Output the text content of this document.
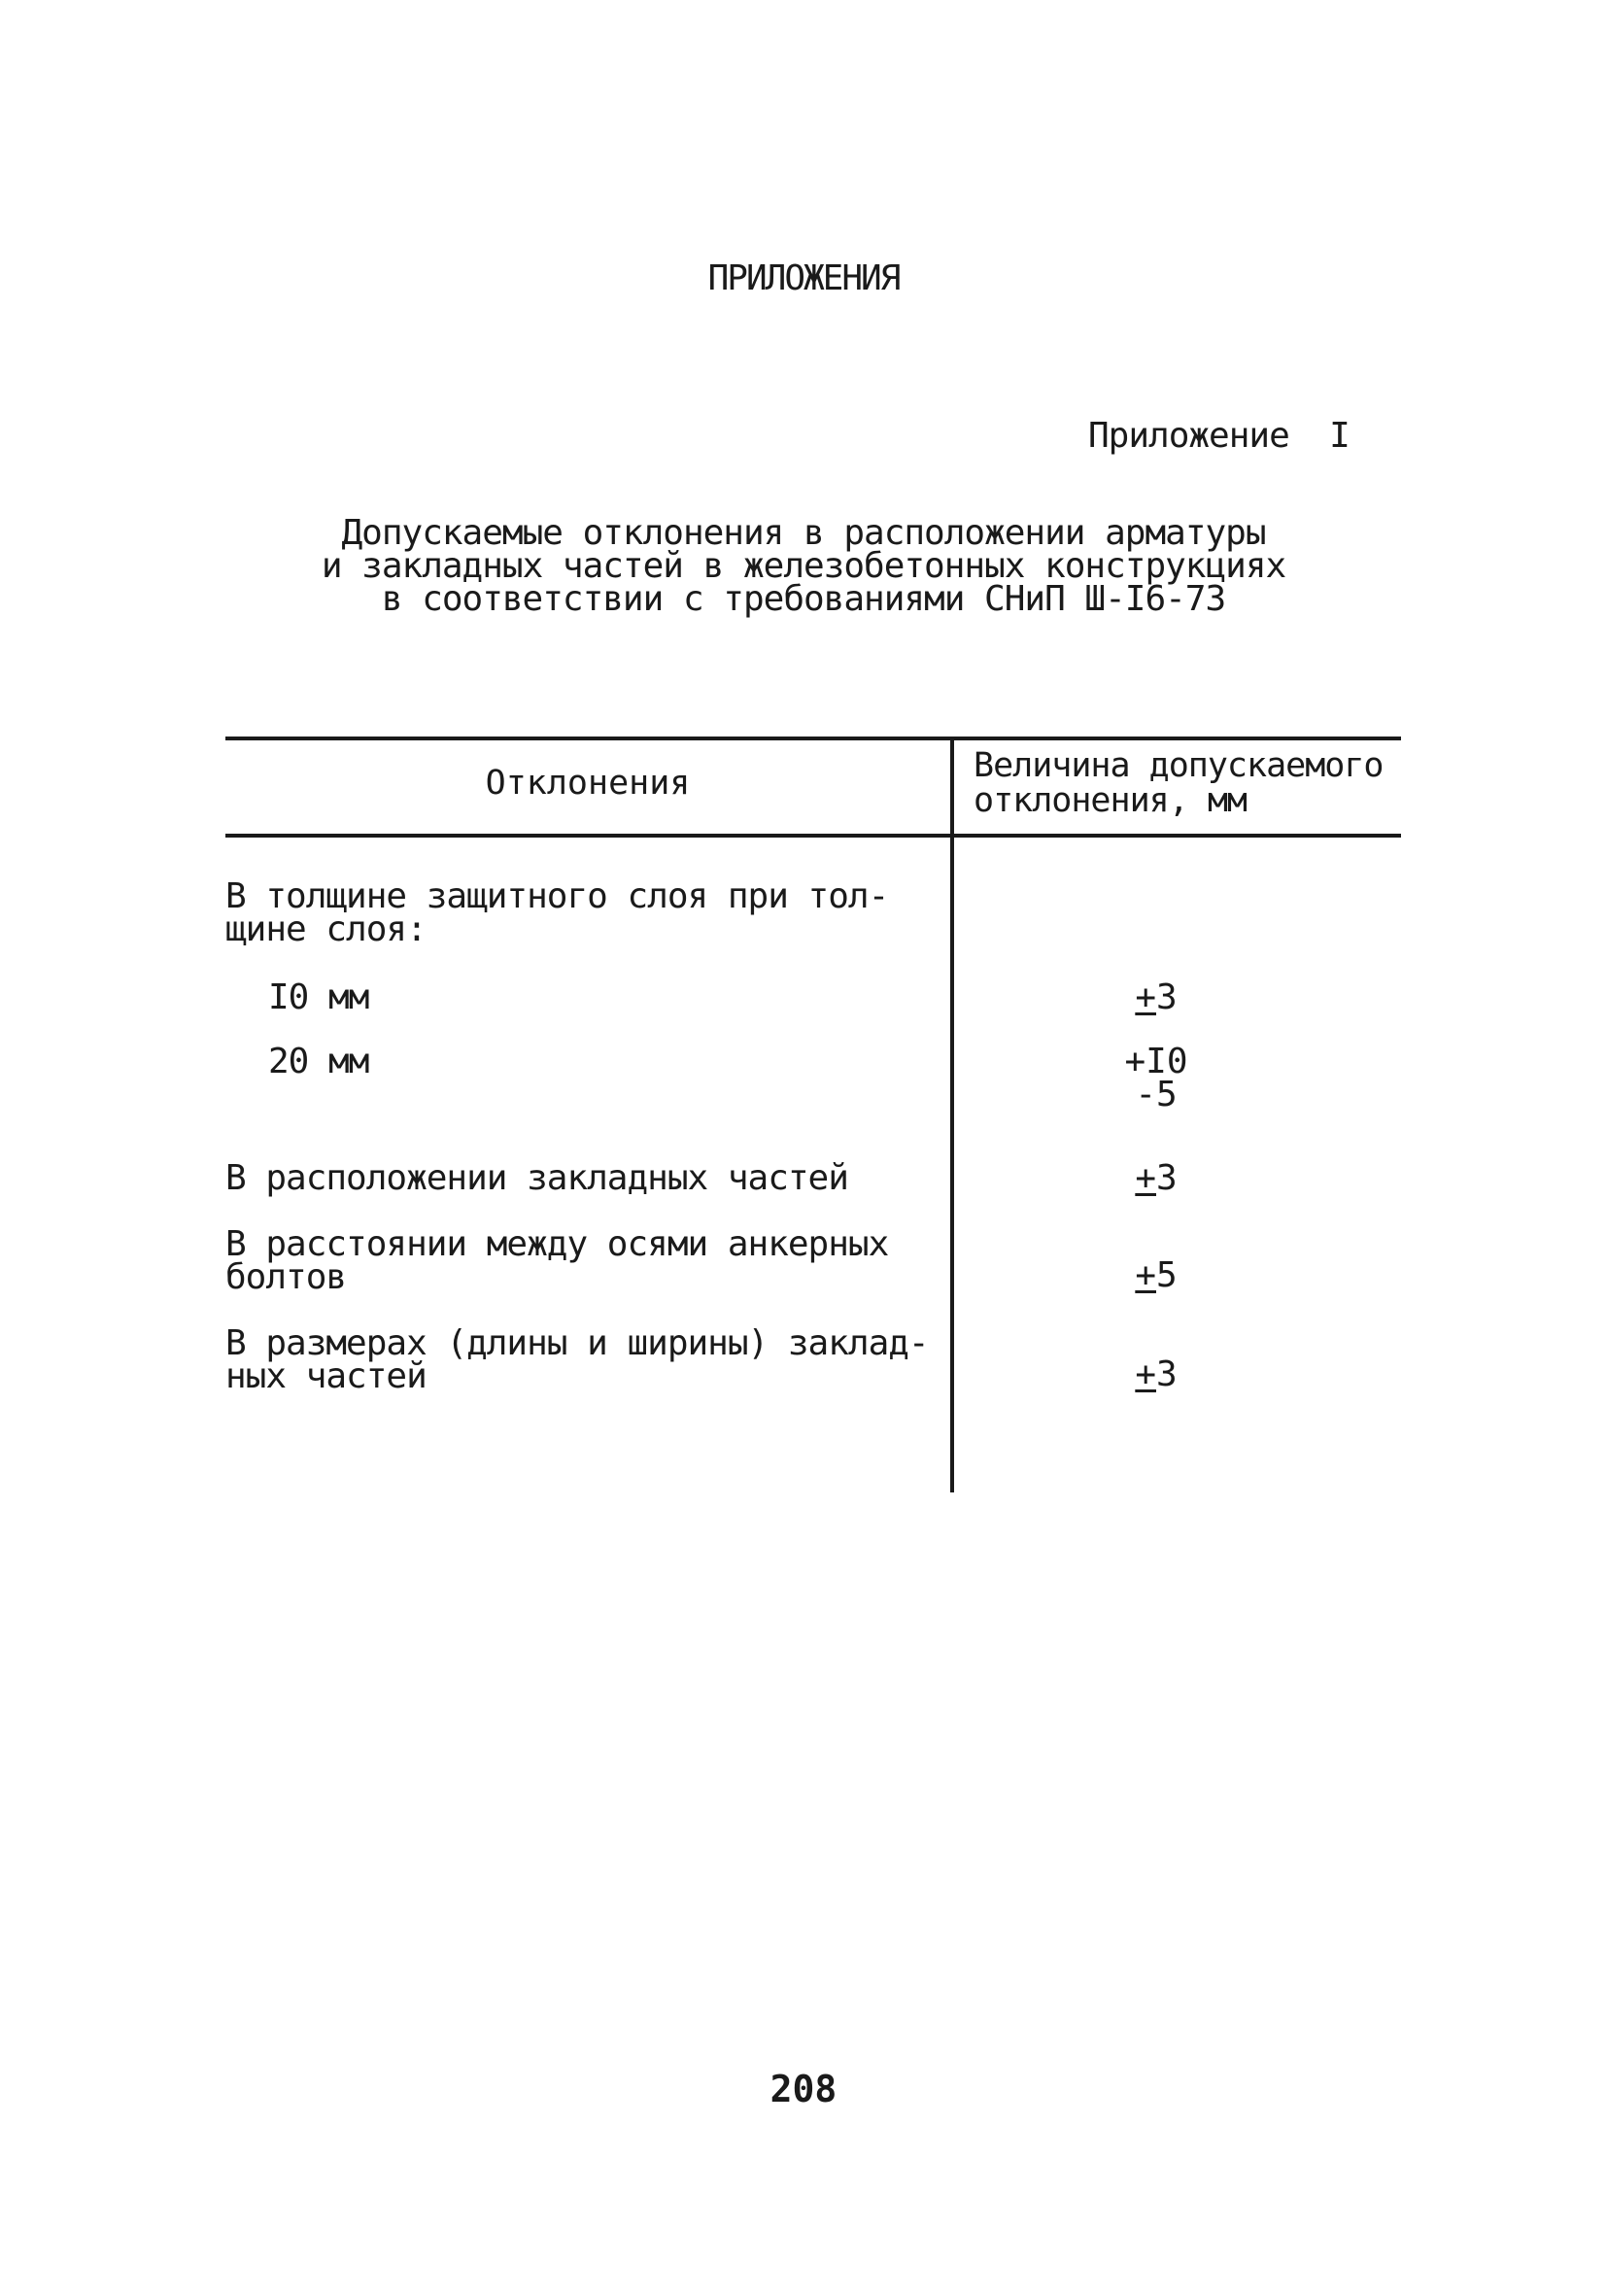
ПРИЛОЖЕНИЯ
Приложение  I
Допускаемые отклонения в расположении арматуры
и закладных частей в железобетонных конструкциях
в соответствии с требованиями СНиП Ш-I6-73
Отклонения	Величина допускаемого
отклонения, мм
В толщине защитного слоя при тол-
щине слоя:
I0 мм	+3
20 мм	+I0
-5
В расположении закладных частей	+3
В расстоянии между осями анкерных
болтов	+5
В размерах (длины и ширины) заклад-
ных частей	+3
208
